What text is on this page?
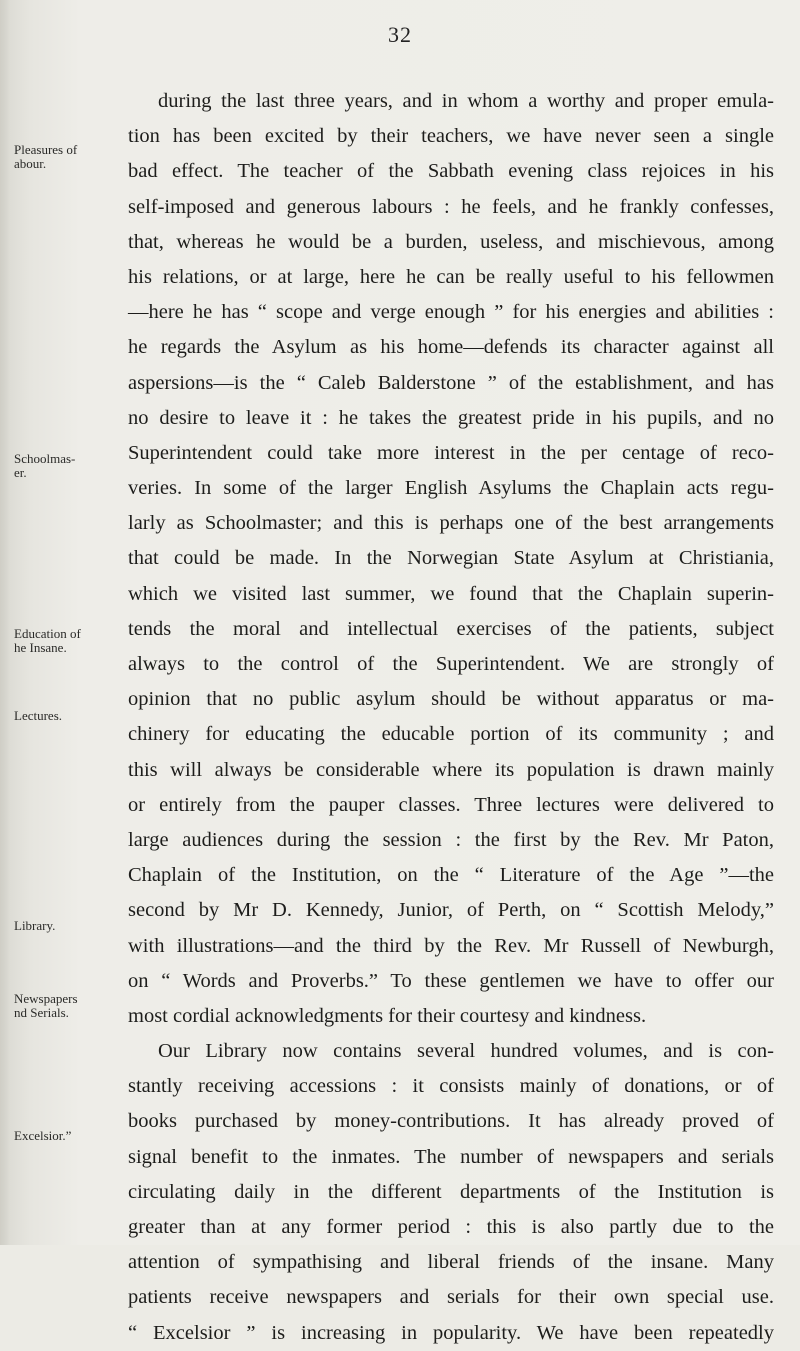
32
Pleasures of
abour.
Schoolmas-
er.
Education of
he Insane.
Lectures.
Library.
Newspapers
nd Serials.
Excelsior.”
during the last three years, and in whom a worthy and proper emula-
tion has been excited by their teachers, we have never seen a single
bad effect. The teacher of the Sabbath evening class rejoices in his
self-imposed and generous labours : he feels, and he frankly confesses,
that, whereas he would be a burden, useless, and mischievous, among
his relations, or at large, here he can be really useful to his fellowmen
—here he has “ scope and verge enough ” for his energies and abilities :
he regards the Asylum as his home—defends its character against all
aspersions—is the “ Caleb Balderstone ” of the establishment, and has
no desire to leave it : he takes the greatest pride in his pupils, and no
Superintendent could take more interest in the per centage of reco-
veries. In some of the larger English Asylums the Chaplain acts regu-
larly as Schoolmaster; and this is perhaps one of the best arrangements
that could be made. In the Norwegian State Asylum at Christiania,
which we visited last summer, we found that the Chaplain superin-
tends the moral and intellectual exercises of the patients, subject
always to the control of the Superintendent. We are strongly of
opinion that no public asylum should be without apparatus or ma-
chinery for educating the educable portion of its community ; and
this will always be considerable where its population is drawn mainly
or entirely from the pauper classes. Three lectures were delivered to
large audiences during the session : the first by the Rev. Mr Paton,
Chaplain of the Institution, on the “ Literature of the Age ”—the
second by Mr D. Kennedy, Junior, of Perth, on “ Scottish Melody,”
with illustrations—and the third by the Rev. Mr Russell of Newburgh,
on “ Words and Proverbs.” To these gentlemen we have to offer our
most cordial acknowledgments for their courtesy and kindness.
Our Library now contains several hundred volumes, and is con-
stantly receiving accessions : it consists mainly of donations, or of
books purchased by money-contributions. It has already proved of
signal benefit to the inmates. The number of newspapers and serials
circulating daily in the different departments of the Institution is
greater than at any former period : this is also partly due to the
attention of sympathising and liberal friends of the insane. Many
patients receive newspapers and serials for their own special use.
“ Excelsior ” is increasing in popularity. We have been repeatedly
